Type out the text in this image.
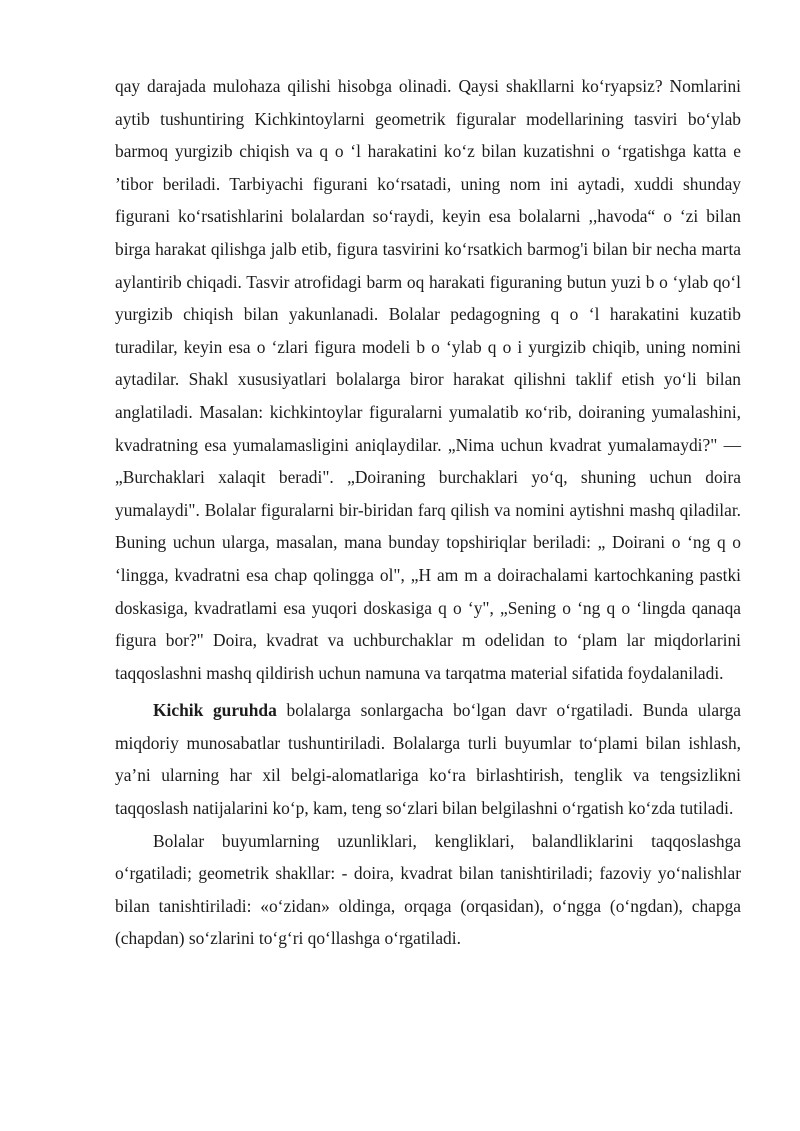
qay darajada mulohaza qilishi hisobga olinadi. Qaysi shakllarni ko‘ryapsiz? Nomlarini aytib tushuntiring Kichkintoylarni geometrik figuralar modellarining tasviri bo‘ylab barmoq yurgizib chiqish va q o ‘l harakatini ko‘z bilan kuzatishni o ‘rgatishga katta e ’tibor beriladi. Tarbiyachi figurani ko‘rsatadi, uning nom ini aytadi, xuddi shunday figurani ko‘rsatishlarini bolalardan so‘raydi, keyin esa bolalarni ,,havoda“ o ‘zi bilan birga harakat qilishga jalb etib, figura tasvirini ko‘rsatkich barmog'i bilan bir necha marta aylantirib chiqadi. Tasvir atrofidagi barm oq harakati figuraning butun yuzi b o ‘ylab qo‘l yurgizib chiqish bilan yakunlanadi. Bolalar pedagogning q o ‘l harakatini kuzatib turadilar, keyin esa o ‘zlari figura modeli b o ‘ylab q o i yurgizib chiqib, uning nomini aytadilar. Shakl xususiyatlari bolalarga biror harakat qilishni taklif etish yo‘li bilan anglatiladi. Masalan: kichkintoylar figuralarni yumalatib кo‘rib, doiraning yumalashini, kvadratning esa yumalamasligini aniqlaydilar. „Nima uchun kvadrat yumalamaydi?" — „Burchaklari xalaqit beradi". „Doiraning burchaklari yo‘q, shuning uchun doira yumalaydi". Bolalar figuralarni bir-biridan farq qilish va nomini aytishni mashq qiladilar. Buning uchun ularga, masalan, mana bunday topshiriqlar beriladi: „ Doirani o ‘ng q o ‘lingga, kvadratni esa chap qolingga ol", „H am m a doirachalami kartochkaning pastki doskasiga, kvadratlami esa yuqori doskasiga q o ‘y", „Sening o ‘ng q o ‘lingda qanaqa figura bor?" Doira, kvadrat va uchburchaklar m odelidan to ‘plam lar miqdorlarini taqqoslashni mashq qildirish uchun namuna va tarqatma material sifatida foydalaniladi.

Kichik guruhda bolalarga sonlargacha bo‘lgan davr o‘rgatiladi. Bunda ularga miqdoriy munosabatlar tushuntiriladi. Bolalarga turli buyumlar to‘plami bilan ishlash, ya’ni ularning har xil belgi-alomatlariga ko‘ra birlashtirish, tenglik va tengsizlikni taqqoslash natijalarini ko‘p, kam, teng so‘zlari bilan belgilashni o‘rgatish ko‘zda tutiladi.

Bolalar buyumlarning uzunliklari, kengliklari, balandliklarini taqqoslashga o‘rgatiladi; geometrik shakllar: - doira, kvadrat bilan tanishtiriladi; fazoviy yo‘nalishlar bilan tanishtiriladi: «o‘zidan» oldinga, orqaga (orqasidan), o‘ngga (o‘ngdan), chapga (chapdan) so‘zlarini to‘g‘ri qo‘llashga o‘rgatiladi.
